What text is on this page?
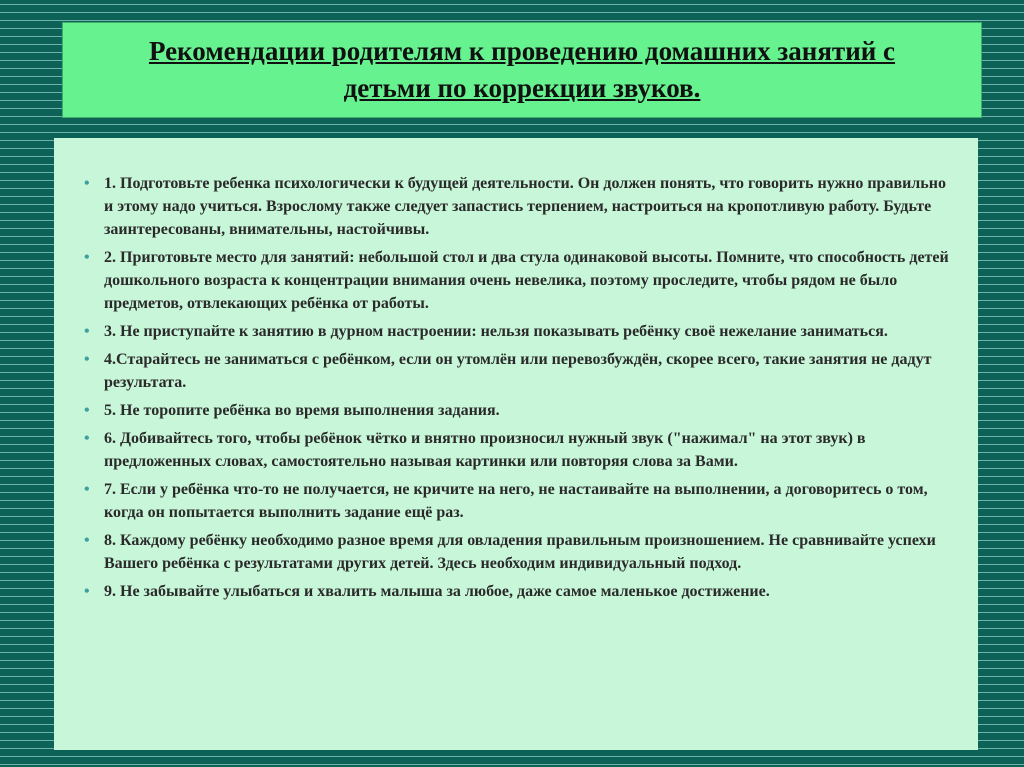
Рекомендации родителям к проведению домашних занятий с детьми по коррекции звуков.
• 1. Подготовьте ребенка психологически к будущей деятельности. Он должен понять, что говорить нужно правильно и этому надо учиться. Взрослому также следует запастись терпением, настроиться на кропотливую работу. Будьте заинтересованы, внимательны, настойчивы.
• 2. Приготовьте место для занятий: небольшой стол и два стула одинаковой высоты. Помните, что способность детей дошкольного возраста к концентрации внимания очень невелика, поэтому проследите, чтобы рядом не было предметов, отвлекающих ребёнка от работы.
• 3. Не приступайте к занятию в дурном настроении: нельзя показывать ребёнку своё нежелание заниматься.
• 4.Старайтесь не заниматься с ребёнком, если он утомлён или перевозбуждён, скорее всего, такие занятия не дадут результата.
• 5. Не торопите ребёнка во время выполнения задания.
• 6. Добивайтесь того, чтобы ребёнок чётко и внятно произносил нужный звук ("нажимал" на этот звук) в предложенных словах, самостоятельно называя картинки или повторяя слова за Вами.
• 7. Если у ребёнка что-то не получается, не кричите на него, не настаивайте на выполнении, а договоритесь о том, когда он попытается выполнить задание ещё раз.
• 8. Каждому ребёнку необходимо разное время для овладения правильным произношением. Не сравнивайте успехи Вашего ребёнка с результатами других детей. Здесь необходим индивидуальный подход.
• 9. Не забывайте улыбаться и хвалить малыша за любое, даже самое маленькое достижение.
